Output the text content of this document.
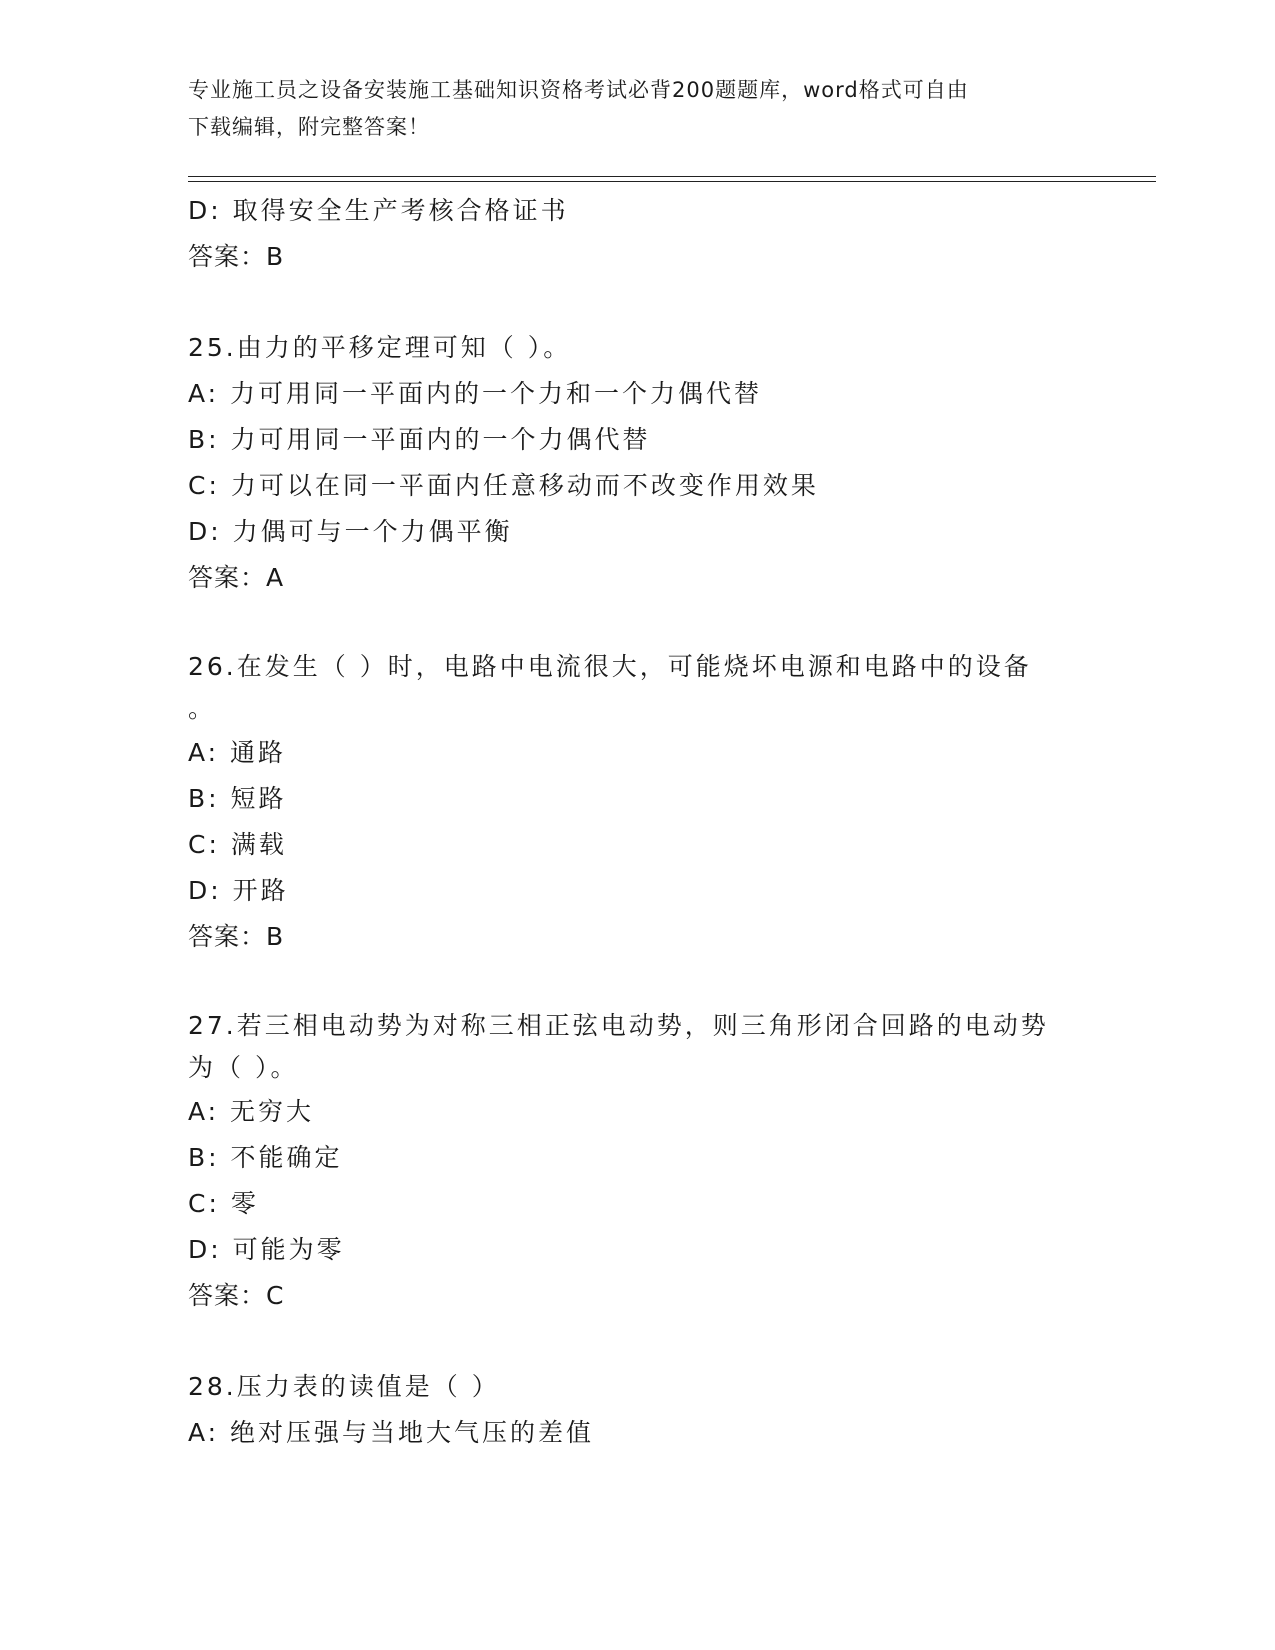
专业施工员之设备安装施工基础知识资格考试必背200题题库，word格式可自由
下载编辑，附完整答案！
D: 取得安全生产考核合格证书
答案：B
25.由力的平移定理可知（ ）。
A: 力可用同一平面内的一个力和一个力偶代替
B: 力可用同一平面内的一个力偶代替
C: 力可以在同一平面内任意移动而不改变作用效果
D: 力偶可与一个力偶平衡
答案：A
26.在发生（ ）时，电路中电流很大，可能烧坏电源和电路中的设备
。
A: 通路
B: 短路
C: 满载
D: 开路
答案：B
27.若三相电动势为对称三相正弦电动势，则三角形闭合回路的电动势
为（ ）。
A: 无穷大
B: 不能确定
C: 零
D: 可能为零
答案：C
28.压力表的读值是（ ）
A: 绝对压强与当地大气压的差值
